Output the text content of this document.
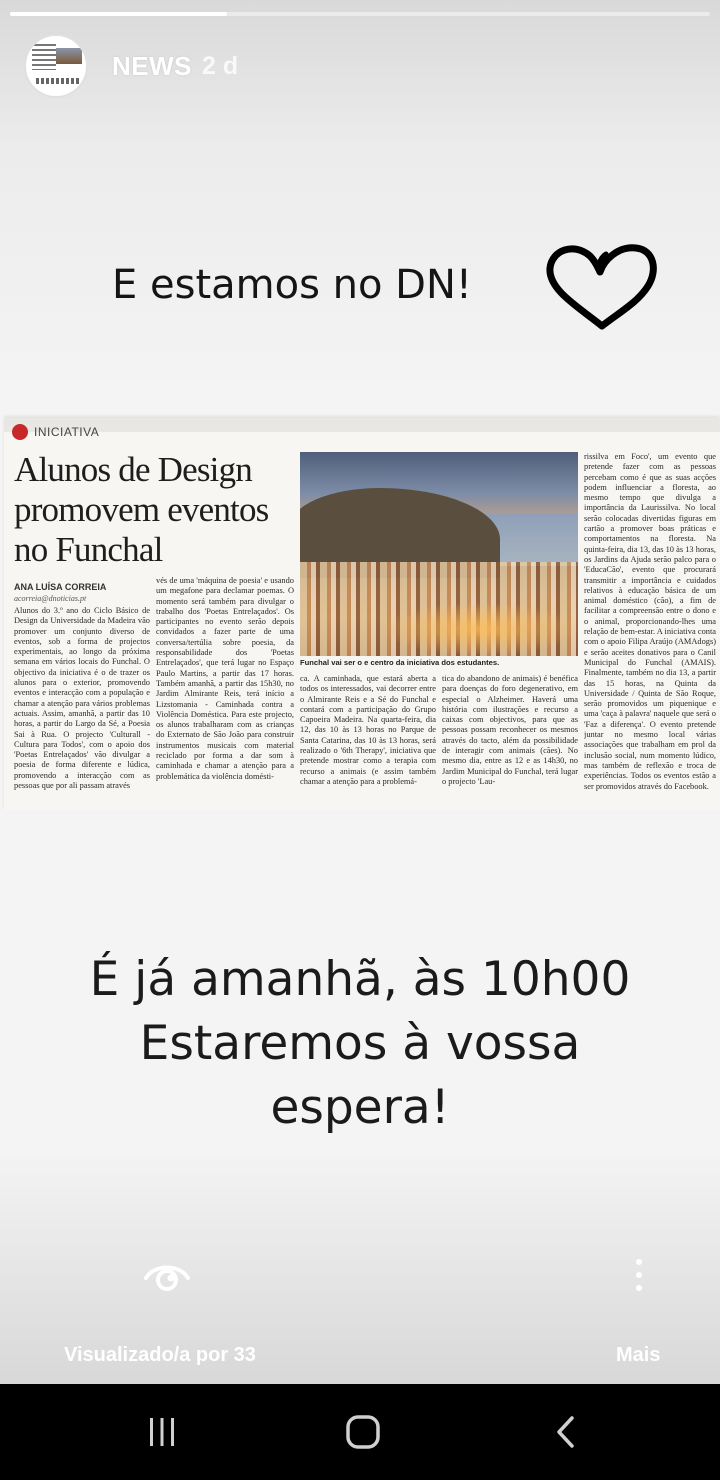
NEWS 2 d
E estamos no DN!
INICIATIVA
Alunos de Design promovem eventos no Funchal
ANA LUÍSA CORREIA
acorreia@dnoticias.pt
Alunos do 3.º ano do Ciclo Básico de Design da Universidade da Madeira vão promover um conjunto diverso de eventos, sob a forma de projectos experimentais, ao longo da próxima semana em vários locais do Funchal. O objectivo da iniciativa é o de trazer os alunos para o exterior, promovendo eventos e interacção com a população e chamar a atenção para vários problemas actuais. Assim, amanhã, a partir das 10 horas, a partir do Largo da Sé, a Poesia Sai à Rua. O projecto 'Culturall - Cultura para Todos', com o apoio dos 'Poetas Entrelaçados' vão divulgar a poesia de forma diferente e lúdica, promovendo a interacção com as pessoas que por ali passam através
vés de uma 'máquina de poesia' e usando um megafone para declamar poemas. O momento será também para divulgar o trabalho dos 'Poetas Entrelaçados'. Os participantes no evento serão depois convidados a fazer parte de uma conversa/tertúlia sobre poesia, da responsabilidade dos 'Poetas Entrelaçados', que terá lugar no Espaço Paulo Martins, a partir das 17 horas. Também amanhã, a partir das 15h30, no Jardim Almirante Reis, terá início a Lizstomania - Caminhada contra a Violência Doméstica. Para este projecto, os alunos trabalharam com as crianças do Externato de São João para construir instrumentos musicais com material reciclado por forma a dar som à caminhada e chamar a atenção para a problemática da violência domésti-
Funchal vai ser o e centro da iniciativa dos estudantes.
ca. A caminhada, que estará aberta a todos os interessados, vai decorrer entre o Almirante Reis e a Sé do Funchal e contará com a participação do Grupo Capoeira Madeira. Na quarta-feira, dia 12, das 10 às 13 horas no Parque de Santa Catarina, das 10 às 13 horas, será realizado o '6th Therapy', iniciativa que pretende mostrar como a terapia com recurso a animais (e assim também chamar a atenção para a problemá-
tica do abandono de animais) é benéfica para doenças do foro degenerativo, em especial o Alzheimer. Haverá uma história com ilustrações e recurso a caixas com objectivos, para que as pessoas possam reconhecer os mesmos através do tacto, além da possibilidade de interagir com animais (cães). No mesmo dia, entre as 12 e as 14h30, no Jardim Municipal do Funchal, terá lugar o projecto 'Lau-
rissilva em Foco', um evento que pretende fazer com as pessoas percebam como é que as suas acções podem influenciar a floresta, ao mesmo tempo que divulga a importância da Laurissilva. No local serão colocadas divertidas figuras em cartão a promover boas práticas e comportamentos na floresta. Na quinta-feira, dia 13, das 10 às 13 horas, os Jardins da Ajuda serão palco para o 'EducaCão', evento que procurará transmitir a importância e cuidados relativos à educação básica de um animal doméstico (cão), a fim de facilitar a compreensão entre o dono e o animal, proporcionando-lhes uma relação de bem-estar. A iniciativa conta com o apoio Filipa Araújo (AMAdogs) e serão aceites donativos para o Canil Municipal do Funchal (AMAIS). Finalmente, também no dia 13, a partir das 15 horas, na Quinta da Universidade / Quinta de São Roque, serão promovidos um piquenique e uma 'caça à palavra' naquele que será o 'Faz a diferença'. O evento pretende juntar no mesmo local várias associações que trabalham em prol da inclusão social, num momento lúdico, mas também de reflexão e troca de experiências. Todos os eventos estão a ser promovidos através do Facebook.
É já amanhã, às 10h00
Estaremos à vossa
espera!
Visualizado/a por 33	Mais
